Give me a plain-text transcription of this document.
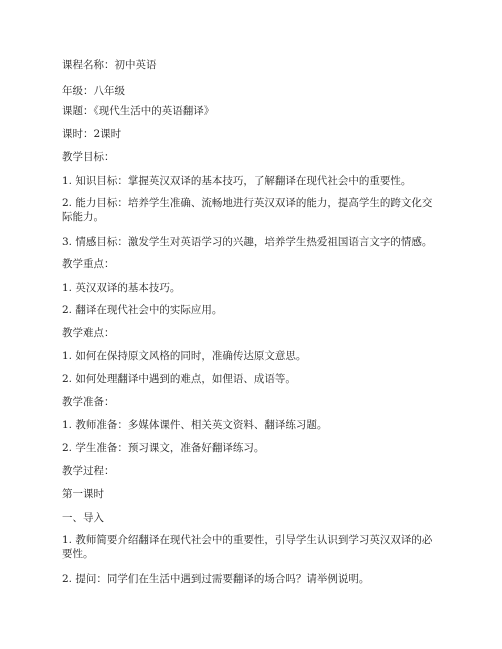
课程名称：初中英语
年级：八年级
课题：《现代生活中的英语翻译》
课时：2课时
教学目标：
1. 知识目标：掌握英汉双译的基本技巧，了解翻译在现代社会中的重要性。
2. 能力目标：培养学生准确、流畅地进行英汉双译的能力，提高学生的跨文化交际能力。
3. 情感目标：激发学生对英语学习的兴趣，培养学生热爱祖国语言文字的情感。
教学重点：
1. 英汉双译的基本技巧。
2. 翻译在现代社会中的实际应用。
教学难点：
1. 如何在保持原文风格的同时，准确传达原文意思。
2. 如何处理翻译中遇到的难点，如俚语、成语等。
教学准备：
1. 教师准备：多媒体课件、相关英文资料、翻译练习题。
2. 学生准备：预习课文，准备好翻译练习。
教学过程：
第一课时
一、导入
1. 教师简要介绍翻译在现代社会中的重要性，引导学生认识到学习英汉双译的必要性。
2. 提问：同学们在生活中遇到过需要翻译的场合吗？请举例说明。
